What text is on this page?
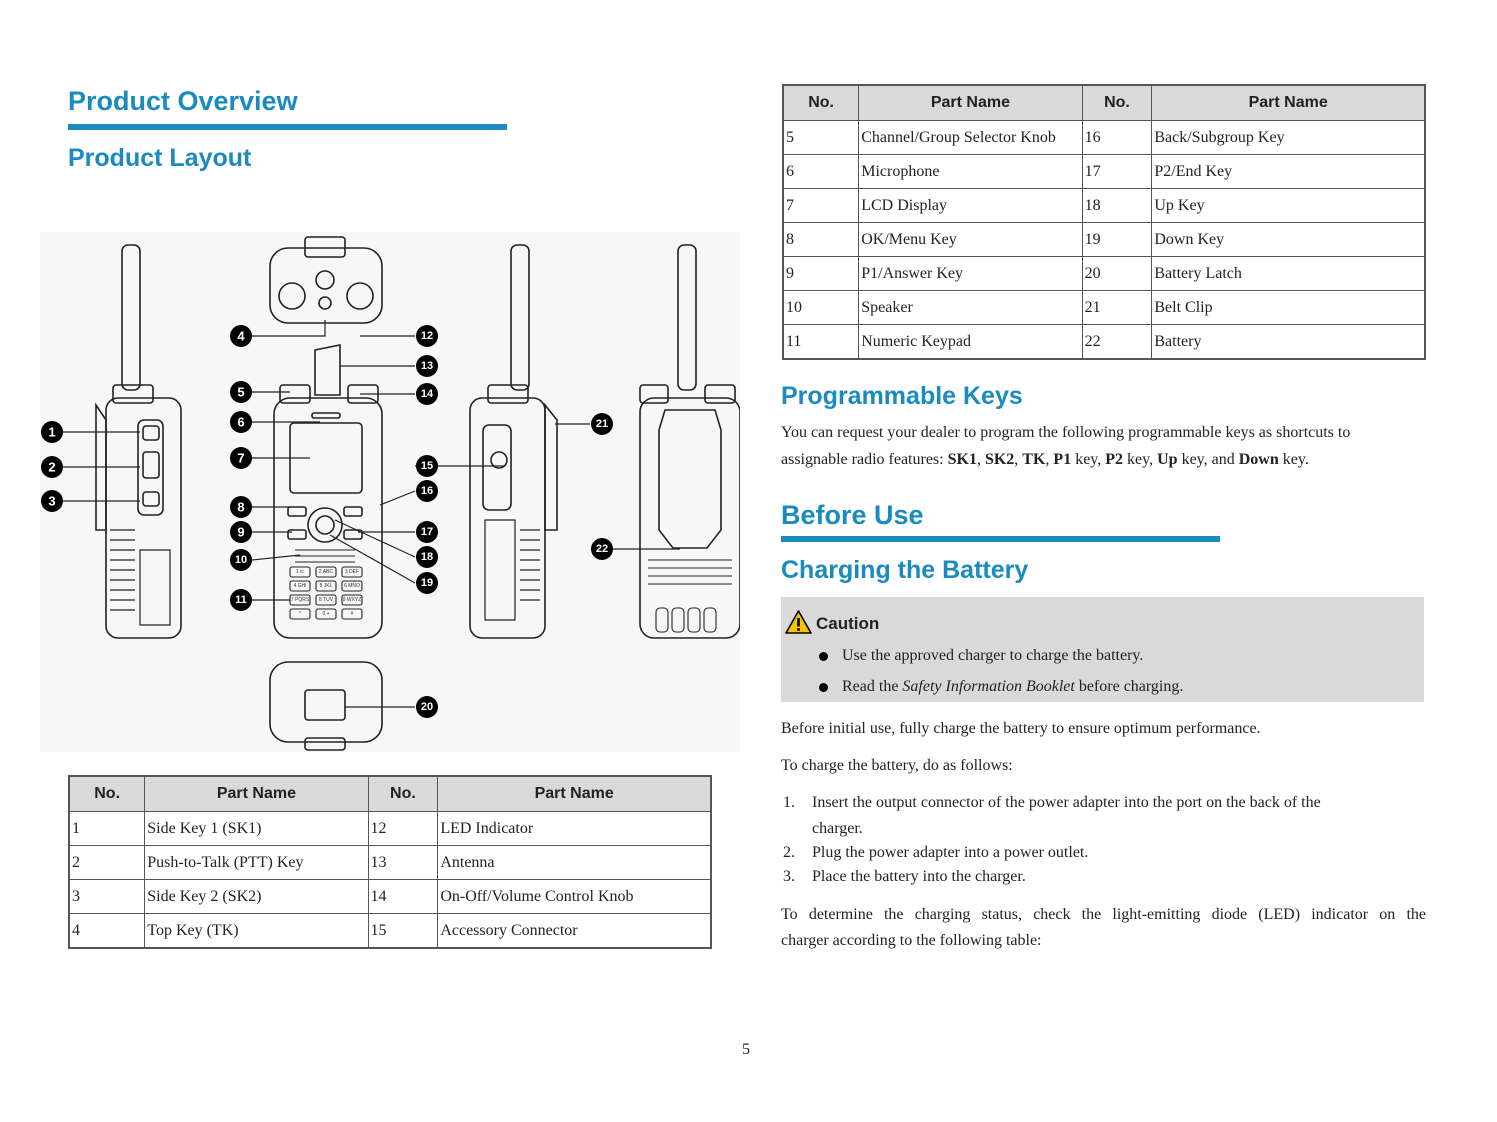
Product Overview
Product Layout
1
2
3
4
5
6
7
8
9
10
11
12
13
14
15
16
17
18
19
20
21
22
1 ic	2 ABC 3 DEF
4 GHI	5 JKL 6 MNO
7 PQRS 8 TUV 9 WXYZ
*	0 +	#
No.	Part Name	No.	Part Name
1	Side Key 1 (SK1)	12	LED Indicator
2	Push-to-Talk (PTT) Key	13	Antenna
3	Side Key 2 (SK2)	14	On-Off/Volume Control Knob
4	Top Key (TK)	15	Accessory Connector
No.	Part Name	No.	Part Name
5	Channel/Group Selector Knob	16	Back/Subgroup Key
6	Microphone	17	P2/End Key
7	LCD Display	18	Up Key
8	OK/Menu Key	19	Down Key
9	P1/Answer Key	20	Battery Latch
10	Speaker	21	Belt Clip
11	Numeric Keypad	22	Battery
Programmable Keys
You can request your dealer to program the following programmable keys as shortcuts to
assignable radio features: SK1, SK2, TK, P1 key, P2 key, Up key, and Down key.
Before Use
Charging the Battery
Caution
Use the approved charger to charge the battery.
Read the Safety Information Booklet before charging.
Before initial use, fully charge the battery to ensure optimum performance.
To charge the battery, do as follows:
1. Insert the output connector of the power adapter into the port on the back of the
charger.
2. Plug the power adapter into a power outlet.
3. Place the battery into the charger.
To determine the charging status, check the light-emitting diode (LED) indicator on the
charger according to the following table:
5
